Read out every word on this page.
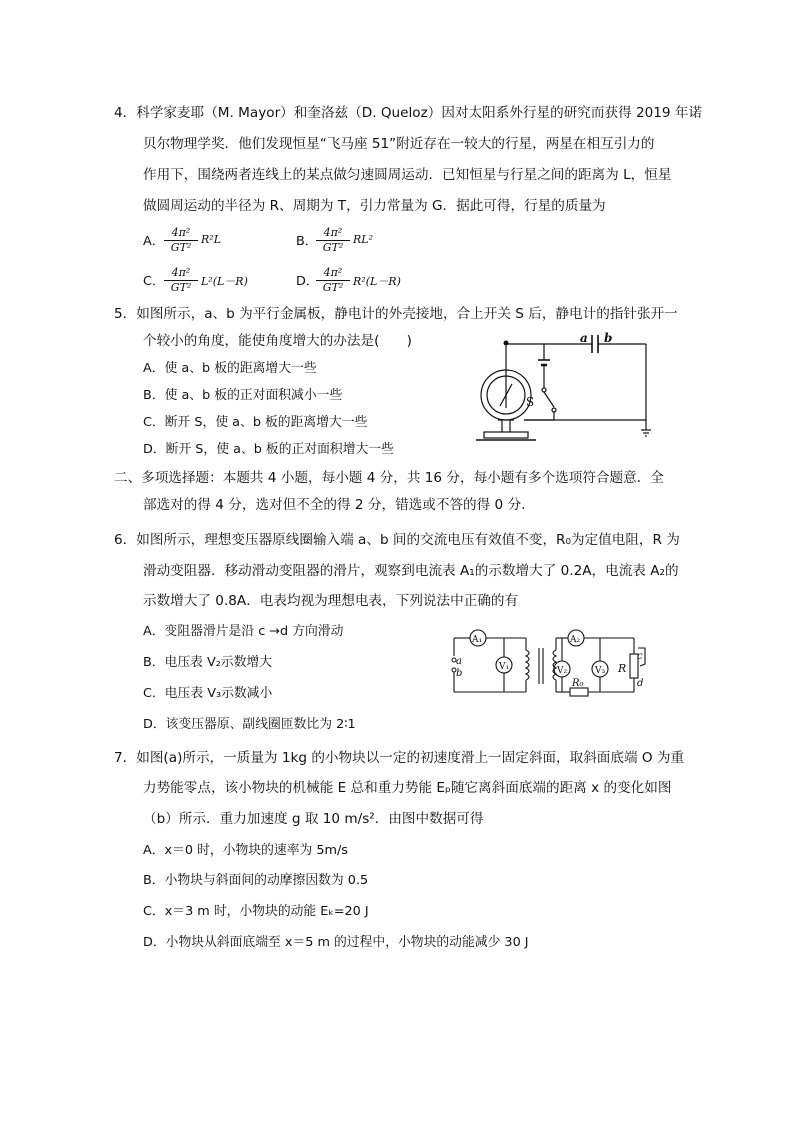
4．科学家麦耶（M. Mayor）和奎洛兹（D. Queloz）因对太阳系外行星的研究而获得 2019 年诺
贝尔物理学奖．他们发现恒星“飞马座 51”附近存在一较大的行星，两星在相互引力的
作用下，围绕两者连线上的某点做匀速圆周运动．已知恒星与行星之间的距离为 L，恒星
做圆周运动的半径为 R、周期为 T，引力常量为 G．据此可得，行星的质量为
A．
4π²
GT²
R²L	B．
4π²
GT²
RL²
C．
4π²
GT² L²(L－R)	D．
4π²
GT² R²(L－R)
5．如图所示，a、b 为平行金属板，静电计的外壳接地，合上开关 S 后，静电计的指针张开一
个较小的角度，能使角度增大的办法是(　　)
A．使 a、b 板的距离增大一些
B．使 a、b 板的正对面积减小一些
C．断开 S，使 a、b 板的距离增大一些
D．断开 S，使 a、b 板的正对面积增大一些
a b
S
二、多项选择题：本题共 4 小题，每小题 4 分，共 16 分，每小题有多个选项符合题意．全
部选对的得 4 分，选对但不全的得 2 分，错选或不答的得 0 分.
6．如图所示，理想变压器原线圈输入端 a、b 间的交流电压有效值不变，R₀为定值电阻，R 为
滑动变阻器．移动滑动变阻器的滑片，观察到电流表 A₁的示数增大了 0.2A，电流表 A₂的
示数增大了 0.8A．电表均视为理想电表，下列说法中正确的有
A．变阻器滑片是沿 c →d 方向滑动
B．电压表 V₂示数增大
C．电压表 V₃示数减小
D．该变压器原、副线圈匝数比为 2∶1
A₁	A₂
V₁	V₂	V₃ R
R₀
a
b
c
d
7．如图(a)所示，一质量为 1kg 的小物块以一定的初速度滑上一固定斜面，取斜面底端 O 为重
力势能零点，该小物块的机械能 E 总和重力势能 Eₚ随它离斜面底端的距离 x 的变化如图
（b）所示．重力加速度 g 取 10 m/s²．由图中数据可得
A．x＝0 时，小物块的速率为 5m/s
B．小物块与斜面间的动摩擦因数为 0.5
C．x＝3 m 时，小物块的动能 Eₖ=20 J
D．小物块从斜面底端至 x＝5 m 的过程中，小物块的动能减少 30 J
